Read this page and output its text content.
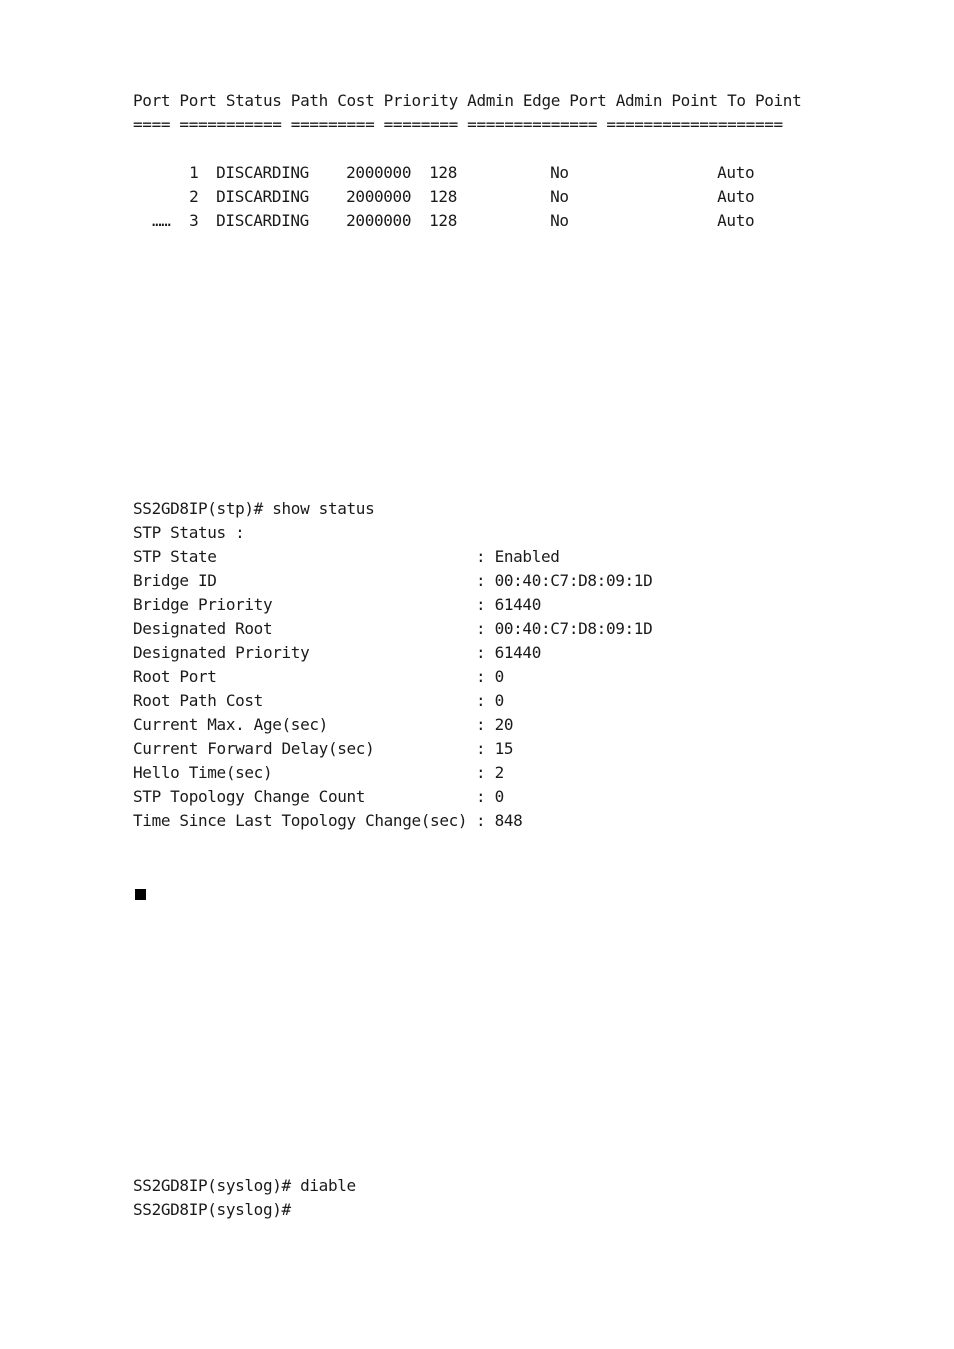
Port Port Status Path Cost Priority Admin Edge Port Admin Point To Point
==== =========== ========= ======== ============== ===================

1 DISCARDING 2000000 128	No	Auto

2 DISCARDING 2000000 128	No	Auto

3 DISCARDING 2000000 128	No	Auto

……
SS2GD8IP(stp)# show status
STP Status :
STP State	: Enabled
Bridge ID	: 00:40:C7:D8:09:1D
Bridge Priority	: 61440
Designated Root	: 00:40:C7:D8:09:1D
Designated Priority	: 61440
Root Port	: 0
Root Path Cost	: 0
Current Max. Age(sec)	: 20
Current Forward Delay(sec)	: 15
Hello Time(sec)	: 2
STP Topology Change Count	: 0
Time Since Last Topology Change(sec) : 848
SS2GD8IP(syslog)# diable
SS2GD8IP(syslog)#
